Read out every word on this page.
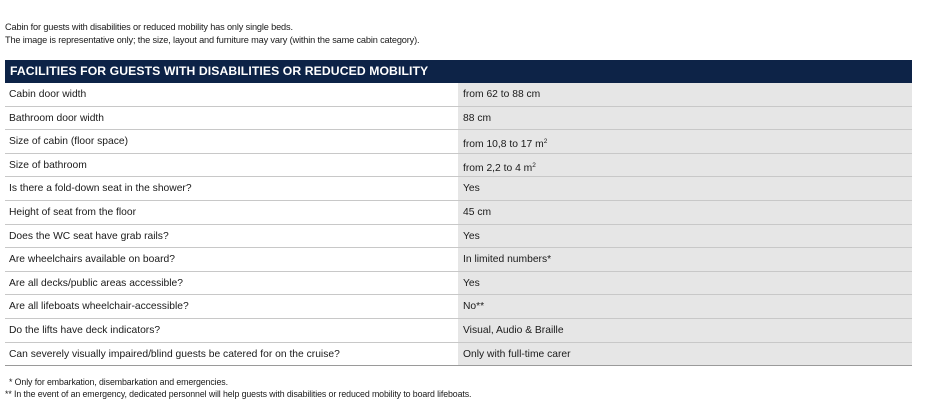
Cabin for guests with disabilities or reduced mobility has only single beds.
The image is representative only; the size, layout and furniture may vary (within the same cabin category).
FACILITIES FOR GUESTS WITH DISABILITIES OR REDUCED MOBILITY
Cabin door width	from 62 to 88 cm
Bathroom door width	88 cm
Size of cabin (floor space)	from 10,8 to 17 $m^2$
Size of bathroom	from 2,2 to 4 $m^2$
Is there a fold-down seat in the shower?	Yes
Height of seat from the floor	45 cm
Does the WC seat have grab rails?	Yes
Are wheelchairs available on board?	In limited numbers*
Are all decks/public areas accessible?	Yes
Are all lifeboats wheelchair-accessible?	No**
Do the lifts have deck indicators?	Visual, Audio & Braille
Can severely visually impaired/blind guests be catered for on the cruise?	Only with full-time carer
* Only for embarkation, disembarkation and emergencies.
** In the event of an emergency, dedicated personnel will help guests with disabilities or reduced mobility to board lifeboats.
